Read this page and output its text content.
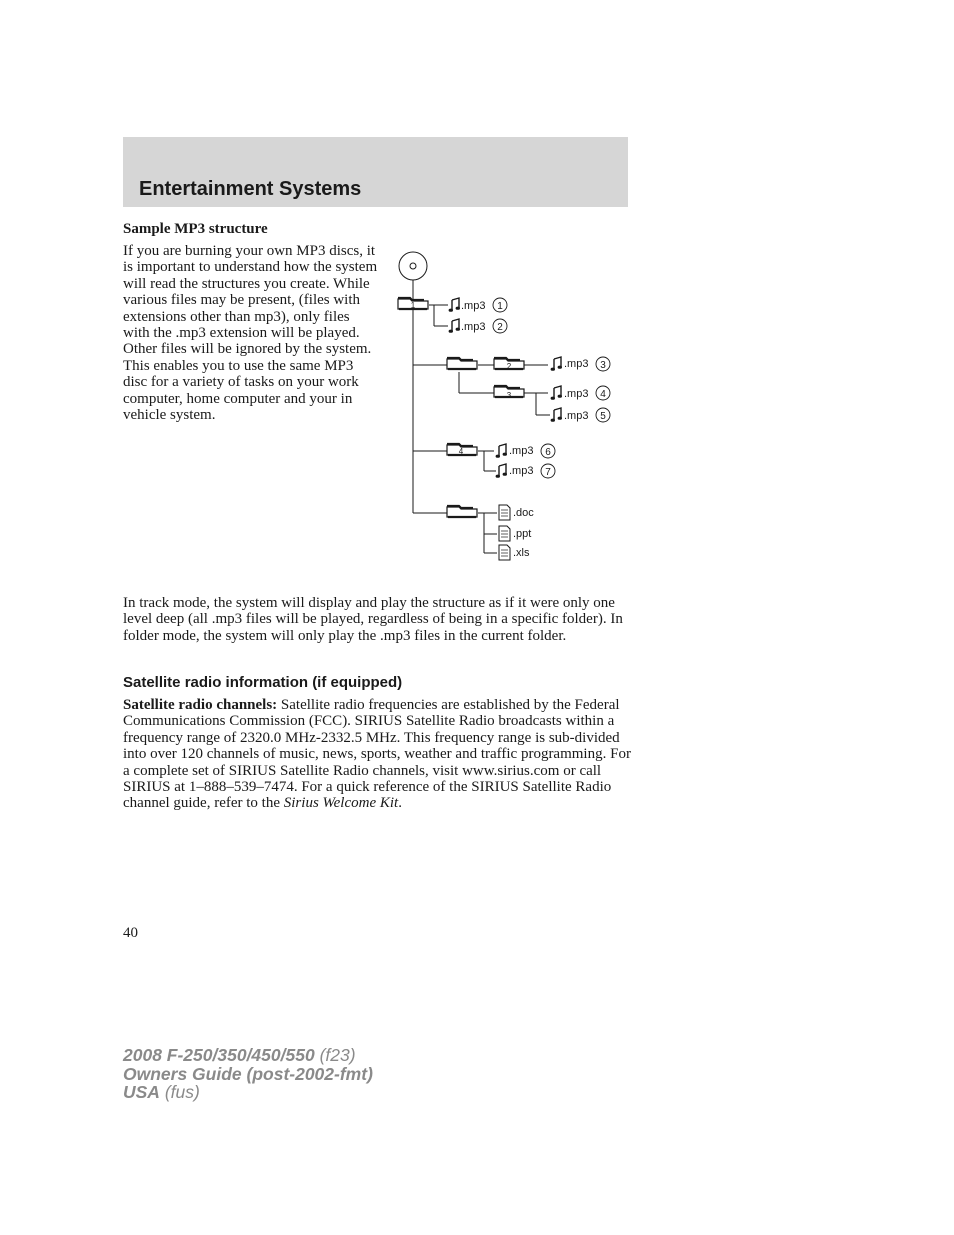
Entertainment Systems
Sample MP3 structure
If you are burning your own MP3 discs, it is important to understand how the system will read the structures you create. While various files may be present, (files with extensions other than mp3), only files with the .mp3 extension will be played. Other files will be ignored by the system. This enables you to use the same MP3 disc for a variety of tasks on your work computer, home computer and your in vehicle system.
1
2
3
4
.mp3 1
.mp3 2
.mp3 3
.mp3 4
.mp3 5
.mp3 6
.mp3 7
.doc
.ppt
.xls
In track mode, the system will display and play the structure as if it were only one level deep (all .mp3 files will be played, regardless of being in a specific folder). In folder mode, the system will only play the .mp3 files in the current folder.
Satellite radio information (if equipped)
Satellite radio channels: Satellite radio frequencies are established by the Federal Communications Commission (FCC). SIRIUS Satellite Radio broadcasts within a frequency range of 2320.0 MHz-2332.5 MHz. This frequency range is sub-divided into over 120 channels of music, news, sports, weather and traffic programming. For a complete set of SIRIUS Satellite Radio channels, visit www.sirius.com or call SIRIUS at 1–888–539–7474. For a quick reference of the SIRIUS Satellite Radio channel guide, refer to the Sirius Welcome Kit.
40
2008 F-250/350/450/550 (f23)
Owners Guide (post-2002-fmt)
USA (fus)
